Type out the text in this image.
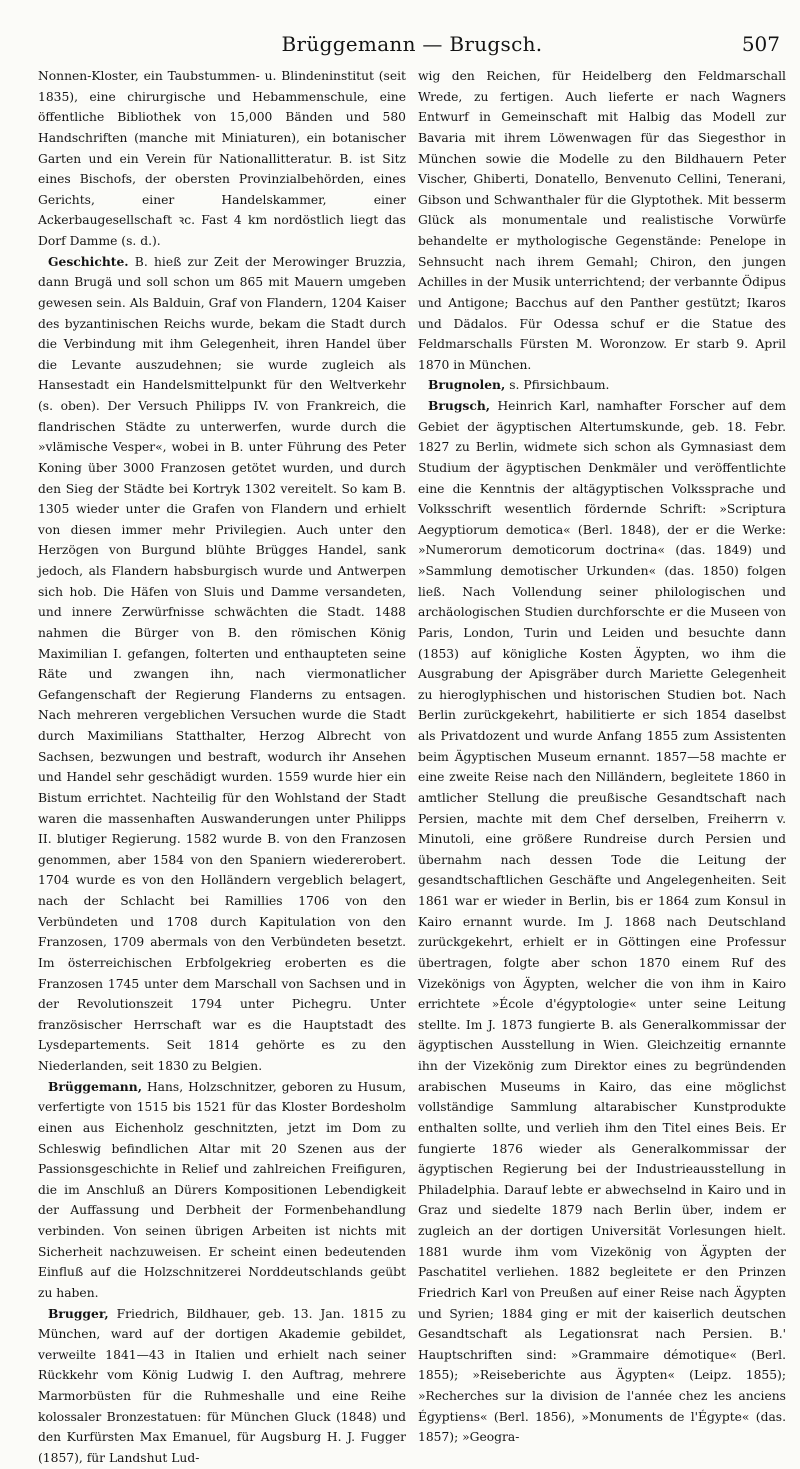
Brüggemann — Brugsch.	507

Nonnen-Kloster, ein Taubstummen- u. Blindeninstitut (seit 1835), eine chirurgische und Hebammenschule, eine öffentliche Bibliothek von 15,000 Bänden und 580 Handschriften (manche mit Miniaturen), ein botanischer Garten und ein Verein für Nationallitteratur. B. ist Sitz eines Bischofs, der obersten Provinzialbehörden, eines Gerichts, einer Handelskammer, einer Ackerbaugesellschaft ꝛc. Fast 4 km nordöstlich liegt das Dorf Damme (s. d.).

Geschichte. B. hieß zur Zeit der Merowinger Bruzzia, dann Brugä und soll schon um 865 mit Mauern umgeben gewesen sein. Als Balduin, Graf von Flandern, 1204 Kaiser des byzantinischen Reichs wurde, bekam die Stadt durch die Verbindung mit ihm Gelegenheit, ihren Handel über die Levante auszudehnen; sie wurde zugleich als Hansestadt ein Handelsmittelpunkt für den Weltverkehr (s. oben). Der Versuch Philipps IV. von Frankreich, die flandrischen Städte zu unterwerfen, wurde durch die »vlämische Vesper«, wobei in B. unter Führung des Peter Koning über 3000 Franzosen getötet wurden, und durch den Sieg der Städte bei Kortryk 1302 vereitelt. So kam B. 1305 wieder unter die Grafen von Flandern und erhielt von diesen immer mehr Privilegien. Auch unter den Herzögen von Burgund blühte Brügges Handel, sank jedoch, als Flandern habsburgisch wurde und Antwerpen sich hob. Die Häfen von Sluis und Damme versandeten, und innere Zerwürfnisse schwächten die Stadt. 1488 nahmen die Bürger von B. den römischen König Maximilian I. gefangen, folterten und enthaupteten seine Räte und zwangen ihn, nach viermonatlicher Gefangenschaft der Regierung Flanderns zu entsagen. Nach mehreren vergeblichen Versuchen wurde die Stadt durch Maximilians Statthalter, Herzog Albrecht von Sachsen, bezwungen und bestraft, wodurch ihr Ansehen und Handel sehr geschädigt wurden. 1559 wurde hier ein Bistum errichtet. Nachteilig für den Wohlstand der Stadt waren die massenhaften Auswanderungen unter Philipps II. blutiger Regierung. 1582 wurde B. von den Franzosen genommen, aber 1584 von den Spaniern wiedererobert. 1704 wurde es von den Holländern vergeblich belagert, nach der Schlacht bei Ramillies 1706 von den Verbündeten und 1708 durch Kapitulation von den Franzosen, 1709 abermals von den Verbündeten besetzt. Im österreichischen Erbfolgekrieg eroberten es die Franzosen 1745 unter dem Marschall von Sachsen und in der Revolutionszeit 1794 unter Pichegru. Unter französischer Herrschaft war es die Hauptstadt des Lysdepartements. Seit 1814 gehörte es zu den Niederlanden, seit 1830 zu Belgien.

Brüggemann, Hans, Holzschnitzer, geboren zu Husum, verfertigte von 1515 bis 1521 für das Kloster Bordesholm einen aus Eichenholz geschnitzten, jetzt im Dom zu Schleswig befindlichen Altar mit 20 Szenen aus der Passionsgeschichte in Relief und zahlreichen Freifiguren, die im Anschluß an Dürers Kompositionen Lebendigkeit der Auffassung und Derbheit der Formenbehandlung verbinden. Von seinen übrigen Arbeiten ist nichts mit Sicherheit nachzuweisen. Er scheint einen bedeutenden Einfluß auf die Holzschnitzerei Norddeutschlands geübt zu haben.

Brugger, Friedrich, Bildhauer, geb. 13. Jan. 1815 zu München, ward auf der dortigen Akademie gebildet, verweilte 1841—43 in Italien und erhielt nach seiner Rückkehr vom König Ludwig I. den Auftrag, mehrere Marmorbüsten für die Ruhmeshalle und eine Reihe kolossaler Bronzestatuen: für München Gluck (1848) und den Kurfürsten Max Emanuel, für Augsburg H. J. Fugger (1857), für Landshut Lud-

wig den Reichen, für Heidelberg den Feldmarschall Wrede, zu fertigen. Auch lieferte er nach Wagners Entwurf in Gemeinschaft mit Halbig das Modell zur Bavaria mit ihrem Löwenwagen für das Siegesthor in München sowie die Modelle zu den Bildhauern Peter Vischer, Ghiberti, Donatello, Benvenuto Cellini, Tenerani, Gibson und Schwanthaler für die Glyptothek. Mit besserm Glück als monumentale und realistische Vorwürfe behandelte er mythologische Gegenstände: Penelope in Sehnsucht nach ihrem Gemahl; Chiron, den jungen Achilles in der Musik unterrichtend; der verbannte Ödipus und Antigone; Bacchus auf den Panther gestützt; Ikaros und Dädalos. Für Odessa schuf er die Statue des Feldmarschalls Fürsten M. Woronzow. Er starb 9. April 1870 in München.

Brugnolen, s. Pfirsichbaum.

Brugsch, Heinrich Karl, namhafter Forscher auf dem Gebiet der ägyptischen Altertumskunde, geb. 18. Febr. 1827 zu Berlin, widmete sich schon als Gymnasiast dem Studium der ägyptischen Denkmäler und veröffentlichte eine die Kenntnis der altägyptischen Volkssprache und Volksschrift wesentlich fördernde Schrift: »Scriptura Aegyptiorum demotica« (Berl. 1848), der er die Werke: »Numerorum demoticorum doctrina« (das. 1849) und »Sammlung demotischer Urkunden« (das. 1850) folgen ließ. Nach Vollendung seiner philologischen und archäologischen Studien durchforschte er die Museen von Paris, London, Turin und Leiden und besuchte dann (1853) auf königliche Kosten Ägypten, wo ihm die Ausgrabung der Apisgräber durch Mariette Gelegenheit zu hieroglyphischen und historischen Studien bot. Nach Berlin zurückgekehrt, habilitierte er sich 1854 daselbst als Privatdozent und wurde Anfang 1855 zum Assistenten beim Ägyptischen Museum ernannt. 1857—58 machte er eine zweite Reise nach den Nilländern, begleitete 1860 in amtlicher Stellung die preußische Gesandtschaft nach Persien, machte mit dem Chef derselben, Freiherrn v. Minutoli, eine größere Rundreise durch Persien und übernahm nach dessen Tode die Leitung der gesandtschaftlichen Geschäfte und Angelegenheiten. Seit 1861 war er wieder in Berlin, bis er 1864 zum Konsul in Kairo ernannt wurde. Im J. 1868 nach Deutschland zurückgekehrt, erhielt er in Göttingen eine Professur übertragen, folgte aber schon 1870 einem Ruf des Vizekönigs von Ägypten, welcher die von ihm in Kairo errichtete »École d'égyptologie« unter seine Leitung stellte. Im J. 1873 fungierte B. als Generalkommissar der ägyptischen Ausstellung in Wien. Gleichzeitig ernannte ihn der Vizekönig zum Direktor eines zu begründenden arabischen Museums in Kairo, das eine möglichst vollständige Sammlung altarabischer Kunstprodukte enthalten sollte, und verlieh ihm den Titel eines Beis. Er fungierte 1876 wieder als Generalkommissar der ägyptischen Regierung bei der Industrieausstellung in Philadelphia. Darauf lebte er abwechselnd in Kairo und in Graz und siedelte 1879 nach Berlin über, indem er zugleich an der dortigen Universität Vorlesungen hielt. 1881 wurde ihm vom Vizekönig von Ägypten der Paschatitel verliehen. 1882 begleitete er den Prinzen Friedrich Karl von Preußen auf einer Reise nach Ägypten und Syrien; 1884 ging er mit der kaiserlich deutschen Gesandtschaft als Legationsrat nach Persien. B.' Hauptschriften sind: »Grammaire démotique« (Berl. 1855); »Reiseberichte aus Ägypten« (Leipz. 1855); »Recherches sur la division de l'année chez les anciens Égyptiens« (Berl. 1856), »Monuments de l'Égypte« (das. 1857); »Geogra-
